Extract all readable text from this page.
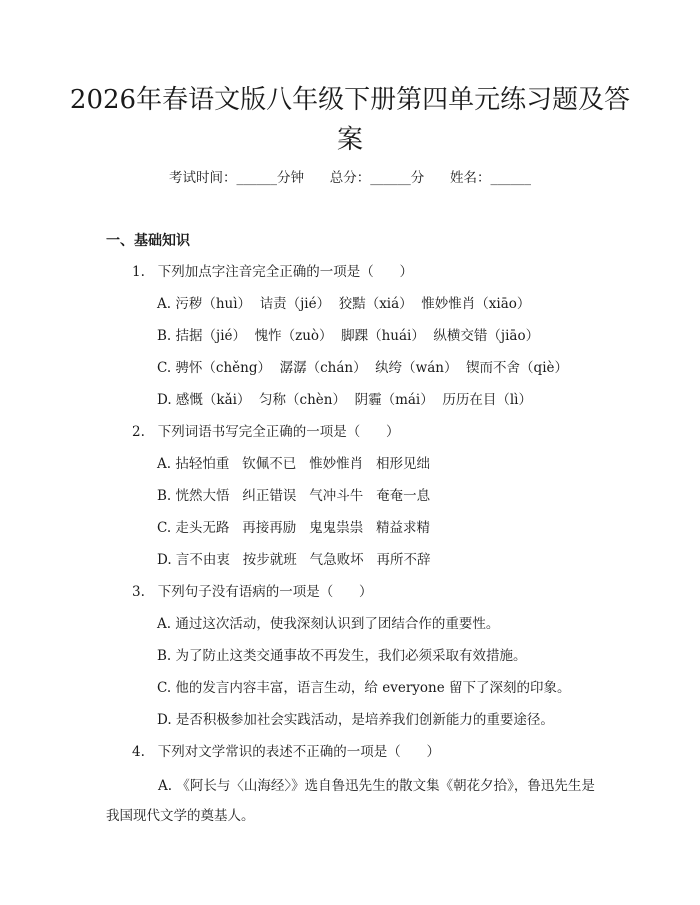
2026年春语文版八年级下册第四单元练习题及答案
考试时间：______分钟      总分：______分      姓名：______
一、基础知识
1.   下列加点字注音完全正确的一项是（      ）
A. 污秽（huì）  诘责（jié）  狡黠（xiá）  惟妙惟肖（xiāo）
B. 拮据（jié）  愧怍（zuò）  脚踝（huái）  纵横交错（jiāo）
C. 骋怀（chěng）  潺潺（chán）  纨绔（wán）  锲而不舍（qiè）
D. 感慨（kǎi）  匀称（chèn）  阴霾（mái）  历历在目（lì）
2.   下列词语书写完全正确的一项是（      ）
A. 拈轻怕重   钦佩不已   惟妙惟肖   相形见绌
B. 恍然大悟   纠正错误   气冲斗牛   奄奄一息
C. 走头无路   再接再励   鬼鬼祟祟   精益求精
D. 言不由衷   按步就班   气急败坏   再所不辞
3.   下列句子没有语病的一项是（      ）
A. 通过这次活动，使我深刻认识到了团结合作的重要性。
B. 为了防止这类交通事故不再发生，我们必须采取有效措施。
C. 他的发言内容丰富，语言生动，给 everyone 留下了深刻的印象。
D. 是否积极参加社会实践活动，是培养我们创新能力的重要途径。
4.   下列对文学常识的表述不正确的一项是（      ）
A. 《阿长与〈山海经〉》选自鲁迅先生的散文集《朝花夕拾》，鲁迅先生是我国现代文学的奠基人。
